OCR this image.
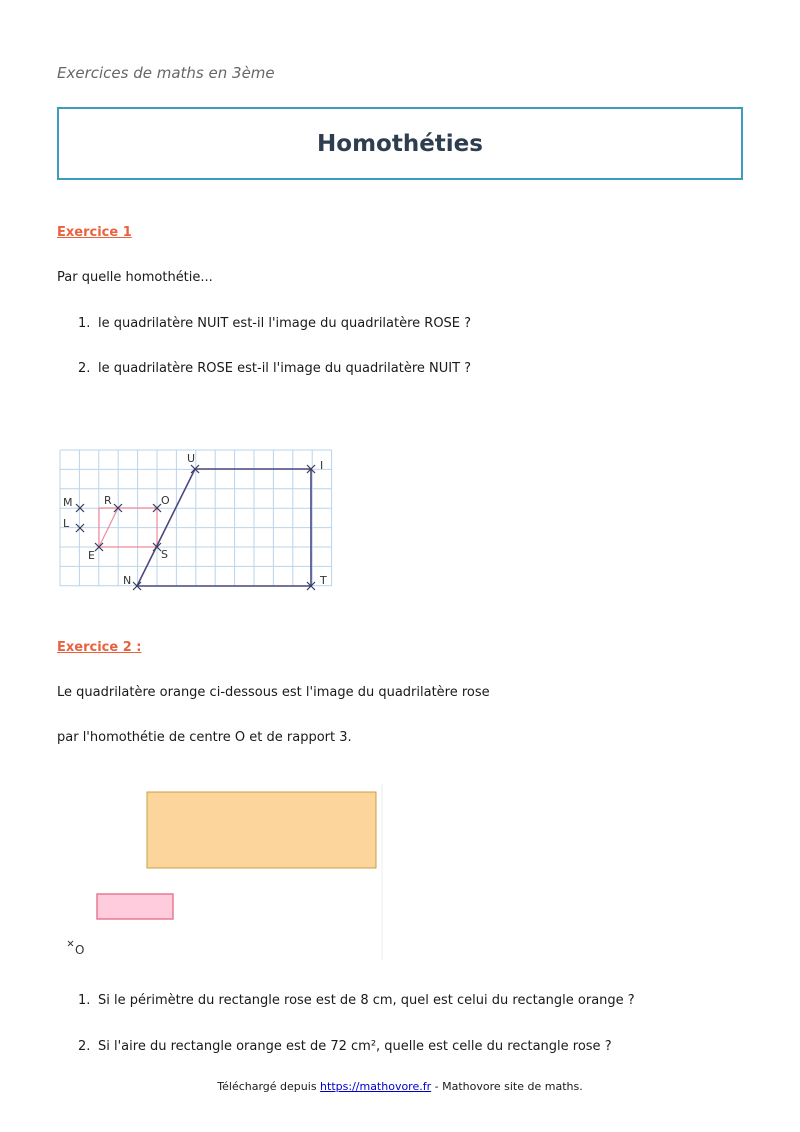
Exercices de maths en 3ème
Homothéties
Exercice 1
Par quelle homothétie...
1. le quadrilatère NUIT est-il l'image du quadrilatère ROSE ?
2. le quadrilatère ROSE est-il l'image du quadrilatère NUIT ?
U
I
M	R	O
L
E	S
N	T
Exercice 2 :
Le quadrilatère orange ci-dessous est l'image du quadrilatère rose
par l'homothétie de centre O et de rapport 3.
O
1. Si le périmètre du rectangle rose est de 8 cm, quel est celui du rectangle orange ?
2. Si l'aire du rectangle orange est de 72 cm², quelle est celle du rectangle rose ?
Téléchargé depuis https://mathovore.fr - Mathovore site de maths.
